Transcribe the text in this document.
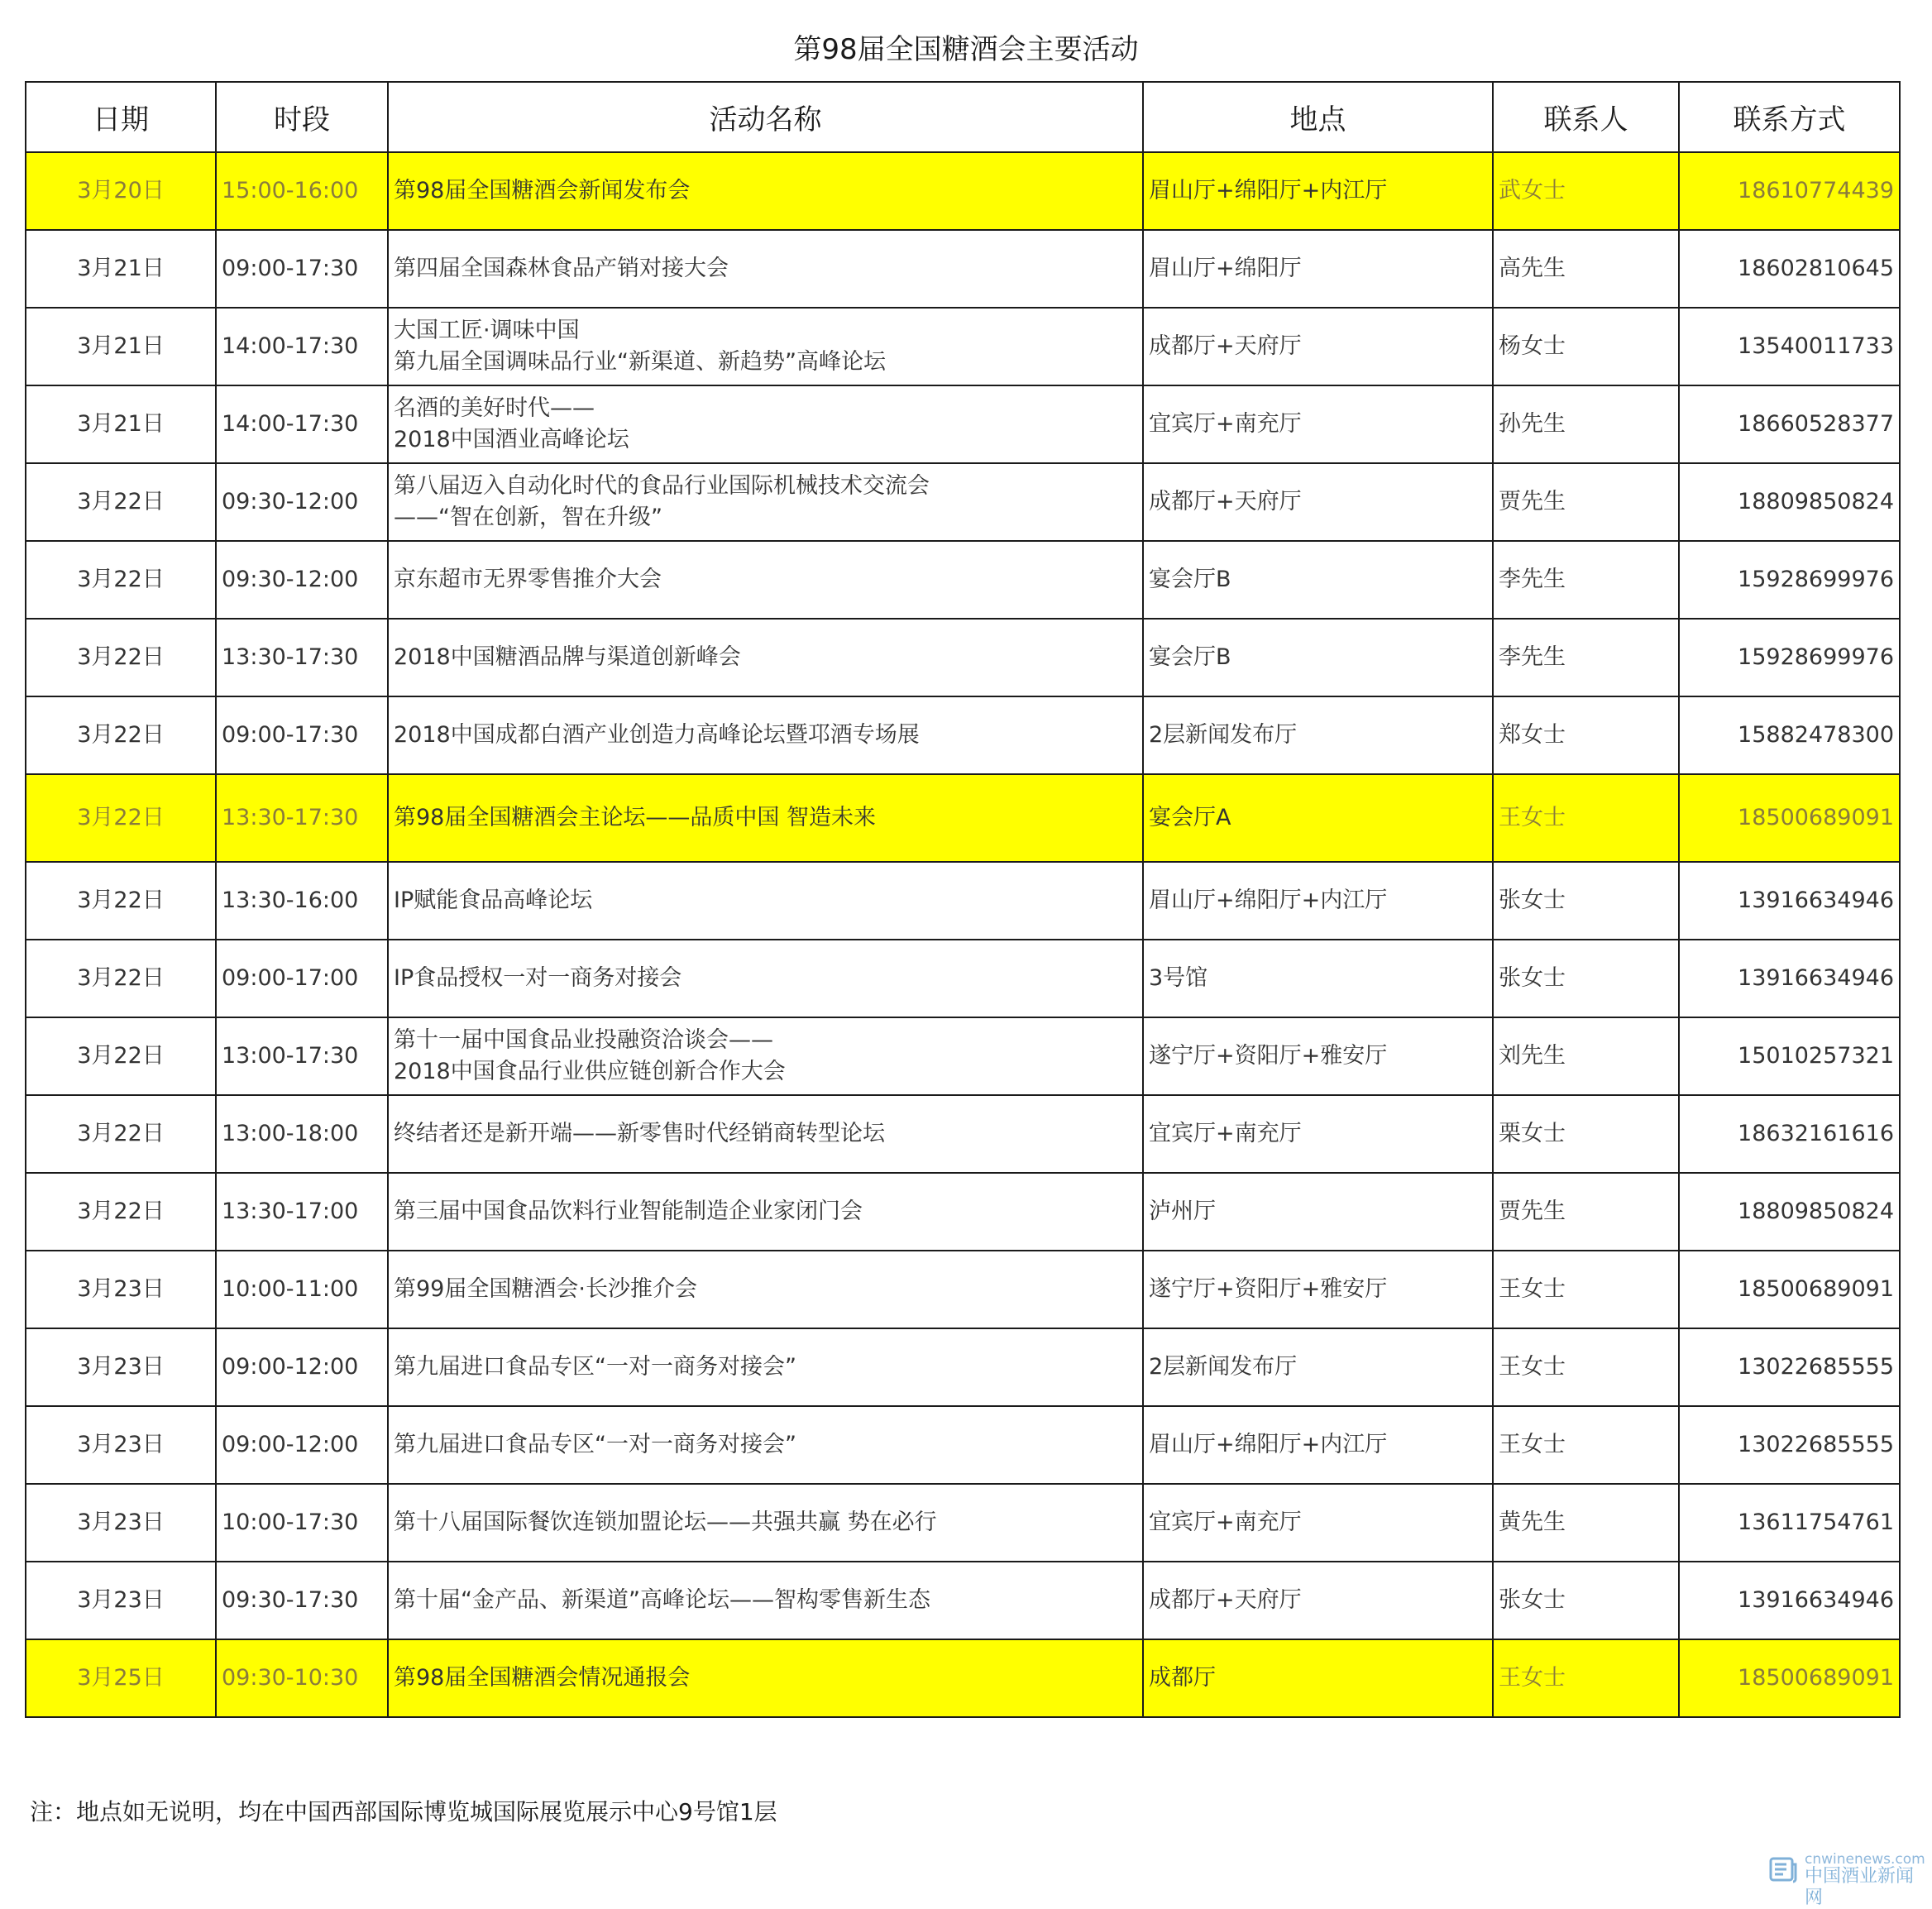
第98届全国糖酒会主要活动
日期	时段	活动名称	地点	联系人	联系方式
3月20日	15:00-16:00	第98届全国糖酒会新闻发布会	眉山厅+绵阳厅+内江厅	武女士	18610774439
3月21日	09:00-17:30	第四届全国森林食品产销对接大会	眉山厅+绵阳厅	高先生	18602810645
3月21日	14:00-17:30	大国工匠·调味中国
第九届全国调味品行业“新渠道、新趋势”高峰论坛	成都厅+天府厅	杨女士	13540011733
3月21日	14:00-17:30	名酒的美好时代——
2018中国酒业高峰论坛	宜宾厅+南充厅	孙先生	18660528377
3月22日	09:30-12:00	第八届迈入自动化时代的食品行业国际机械技术交流会
——“智在创新，智在升级”	成都厅+天府厅	贾先生	18809850824
3月22日	09:30-12:00	京东超市无界零售推介大会	宴会厅B	李先生	15928699976
3月22日	13:30-17:30	2018中国糖酒品牌与渠道创新峰会	宴会厅B	李先生	15928699976
3月22日	09:00-17:30	2018中国成都白酒产业创造力高峰论坛暨邛酒专场展	2层新闻发布厅	郑女士	15882478300
3月22日	13:30-17:30	第98届全国糖酒会主论坛——品质中国 智造未来	宴会厅A	王女士	18500689091
3月22日	13:30-16:00	IP赋能食品高峰论坛	眉山厅+绵阳厅+内江厅	张女士	13916634946
3月22日	09:00-17:00	IP食品授权一对一商务对接会	3号馆	张女士	13916634946
3月22日	13:00-17:30	第十一届中国食品业投融资洽谈会——
2018中国食品行业供应链创新合作大会	遂宁厅+资阳厅+雅安厅	刘先生	15010257321
3月22日	13:00-18:00	终结者还是新开端——新零售时代经销商转型论坛	宜宾厅+南充厅	栗女士	18632161616
3月22日	13:30-17:00	第三届中国食品饮料行业智能制造企业家闭门会	泸州厅	贾先生	18809850824
3月23日	10:00-11:00	第99届全国糖酒会·长沙推介会	遂宁厅+资阳厅+雅安厅	王女士	18500689091
3月23日	09:00-12:00	第九届进口食品专区“一对一商务对接会”	2层新闻发布厅	王女士	13022685555
3月23日	09:00-12:00	第九届进口食品专区“一对一商务对接会”	眉山厅+绵阳厅+内江厅	王女士	13022685555
3月23日	10:00-17:30	第十八届国际餐饮连锁加盟论坛——共强共赢 势在必行	宜宾厅+南充厅	黄先生	13611754761
3月23日	09:30-17:30	第十届“金产品、新渠道”高峰论坛——智构零售新生态	成都厅+天府厅	张女士	13916634946
3月25日	09:30-10:30	第98届全国糖酒会情况通报会	成都厅	王女士	18500689091
注：地点如无说明，均在中国西部国际博览城国际展览展示中心9号馆1层
cnwinenews.com
中国酒业新闻网
